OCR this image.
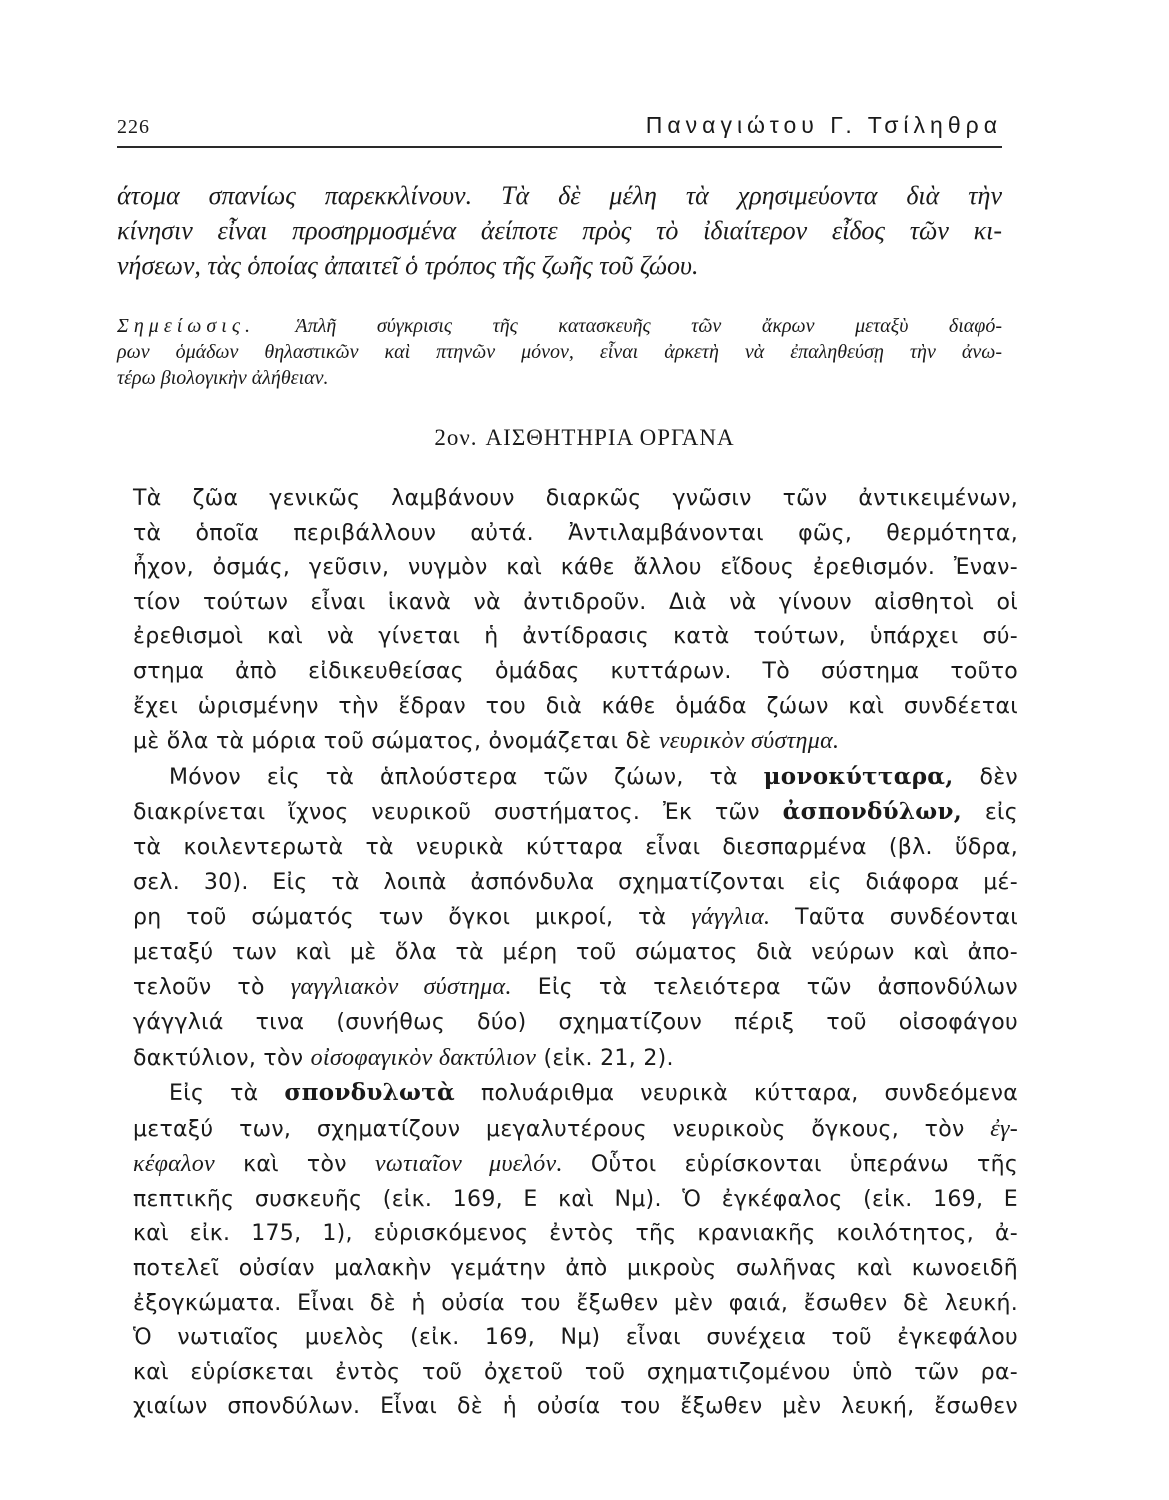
226	Παναγιώτου Γ. Τσίληθρα
άτομα σπανίως παρεκκλίνουν. Τὰ δὲ μέλη τὰ χρησιμεύοντα διὰ τὴν
κίνησιν εἶναι προσηρμοσμένα ἀείποτε πρὸς τὸ ἰδιαίτερον εἶδος τῶν κι-
νήσεων, τὰς ὁποίας ἀπαιτεῖ ὁ τρόπος τῆς ζωῆς τοῦ ζώου.
Σημείωσις. Ἁπλῆ σύγκρισις τῆς κατασκευῆς τῶν ἄκρων μεταξὺ διαφό-
ρων ὁμάδων θηλαστικῶν καὶ πτηνῶν μόνον, εἶναι ἀρκετὴ νὰ ἐπαληθεύσῃ τὴν ἀνω-
τέρω βιολογικὴν ἀλήθειαν.
2ον. ΑΙΣΘΗΤΗΡΙΑ ΟΡΓΑΝΑ
Τὰ ζῶα γενικῶς λαμβάνουν διαρκῶς γνῶσιν τῶν ἀντικειμένων,
τὰ ὁποῖα περιβάλλουν αὐτά. Ἀντιλαμβάνονται φῶς, θερμότητα,
ἦχον, ὀσμάς, γεῦσιν, νυγμὸν καὶ κάθε ἄλλου εἴδους ἐρεθισμόν. Ἐναν-
τίον τούτων εἶναι ἱκανὰ νὰ ἀντιδροῦν. Διὰ νὰ γίνουν αἰσθητοὶ οἱ
ἐρεθισμοὶ καὶ νὰ γίνεται ἡ ἀντίδρασις κατὰ τούτων, ὑπάρχει σύ-
στημα ἀπὸ εἰδικευθείσας ὁμάδας κυττάρων. Τὸ σύστημα τοῦτο
ἔχει ὡρισμένην τὴν ἕδραν του διὰ κάθε ὁμάδα ζώων καὶ συνδέεται
μὲ ὅλα τὰ μόρια τοῦ σώματος, ὀνομάζεται δὲ νευρικὸν σύστημα.
Μόνον εἰς τὰ ἁπλούστερα τῶν ζώων, τὰ μονοκύτταρα, δὲν
διακρίνεται ἴχνος νευρικοῦ συστήματος. Ἐκ τῶν ἀσπονδύλων, εἰς
τὰ κοιλεντερωτὰ τὰ νευρικὰ κύτταρα εἶναι διεσπαρμένα (βλ. ὕδρα,
σελ. 30). Εἰς τὰ λοιπὰ ἀσπόνδυλα σχηματίζονται εἰς διάφορα μέ-
ρη τοῦ σώματός των ὄγκοι μικροί, τὰ γάγγλια. Ταῦτα συνδέονται
μεταξύ των καὶ μὲ ὅλα τὰ μέρη τοῦ σώματος διὰ νεύρων καὶ ἀπο-
τελοῦν τὸ γαγγλιακὸν σύστημα. Εἰς τὰ τελειότερα τῶν ἀσπονδύλων
γάγγλιά τινα (συνήθως δύο) σχηματίζουν πέριξ τοῦ οἰσοφάγου
δακτύλιον, τὸν οἰσοφαγικὸν δακτύλιον (εἰκ. 21, 2).
Εἰς τὰ σπονδυλωτὰ πολυάριθμα νευρικὰ κύτταρα, συνδεόμενα
μεταξύ των, σχηματίζουν μεγαλυτέρους νευρικοὺς ὄγκους, τὸν ἐγ-
κέφαλον καὶ τὸν νωτιαῖον μυελόν. Οὗτοι εὑρίσκονται ὑπεράνω τῆς
πεπτικῆς συσκευῆς (εἰκ. 169, Ε καὶ Νμ). Ὁ ἐγκέφαλος (εἰκ. 169, Ε
καὶ εἰκ. 175, 1), εὑρισκόμενος ἐντὸς τῆς κρανιακῆς κοιλότητος, ἀ-
ποτελεῖ οὐσίαν μαλακὴν γεμάτην ἀπὸ μικροὺς σωλῆνας καὶ κωνοειδῆ
ἐξογκώματα. Εἶναι δὲ ἡ οὐσία του ἔξωθεν μὲν φαιά, ἔσωθεν δὲ λευκή.
Ὁ νωτιαῖος μυελὸς (εἰκ. 169, Νμ) εἶναι συνέχεια τοῦ ἐγκεφάλου
καὶ εὑρίσκεται ἐντὸς τοῦ ὀχετοῦ τοῦ σχηματιζομένου ὑπὸ τῶν ρα-
χιαίων σπονδύλων. Εἶναι δὲ ἡ οὐσία του ἔξωθεν μὲν λευκή, ἔσωθεν
